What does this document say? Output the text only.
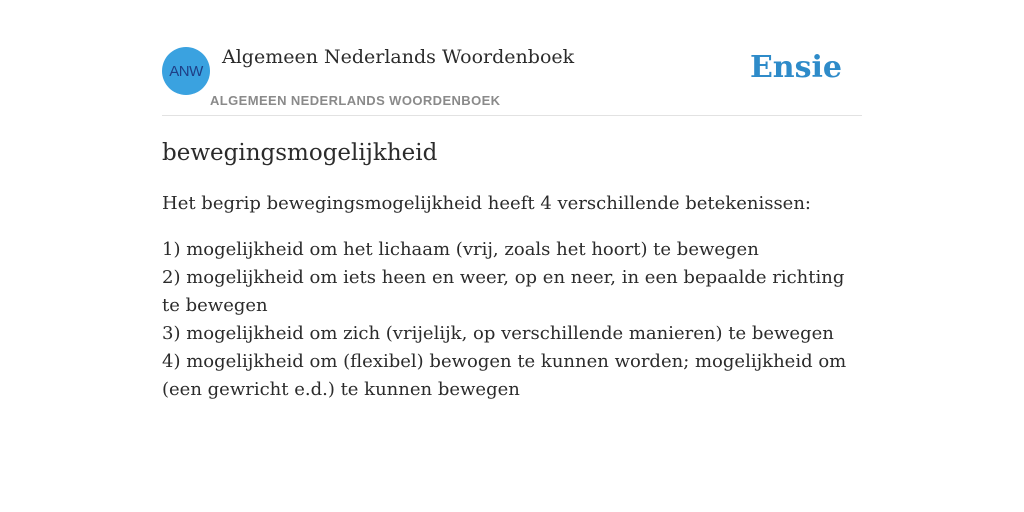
ANW
Algemeen Nederlands Woordenboek
ALGEMEEN NEDERLANDS WOORDENBOEK
Ensie
bewegingsmogelijkheid

Het begrip bewegingsmogelijkheid heeft 4 verschillende betekenissen:

1) mogelijkheid om het lichaam (vrij, zoals het hoort) te bewegen
2) mogelijkheid om iets heen en weer, op en neer, in een bepaalde richting te bewegen
3) mogelijkheid om zich (vrijelijk, op verschillende manieren) te bewegen
4) mogelijkheid om (flexibel) bewogen te kunnen worden; mogelijkheid om (een gewricht e.d.) te kunnen bewegen
